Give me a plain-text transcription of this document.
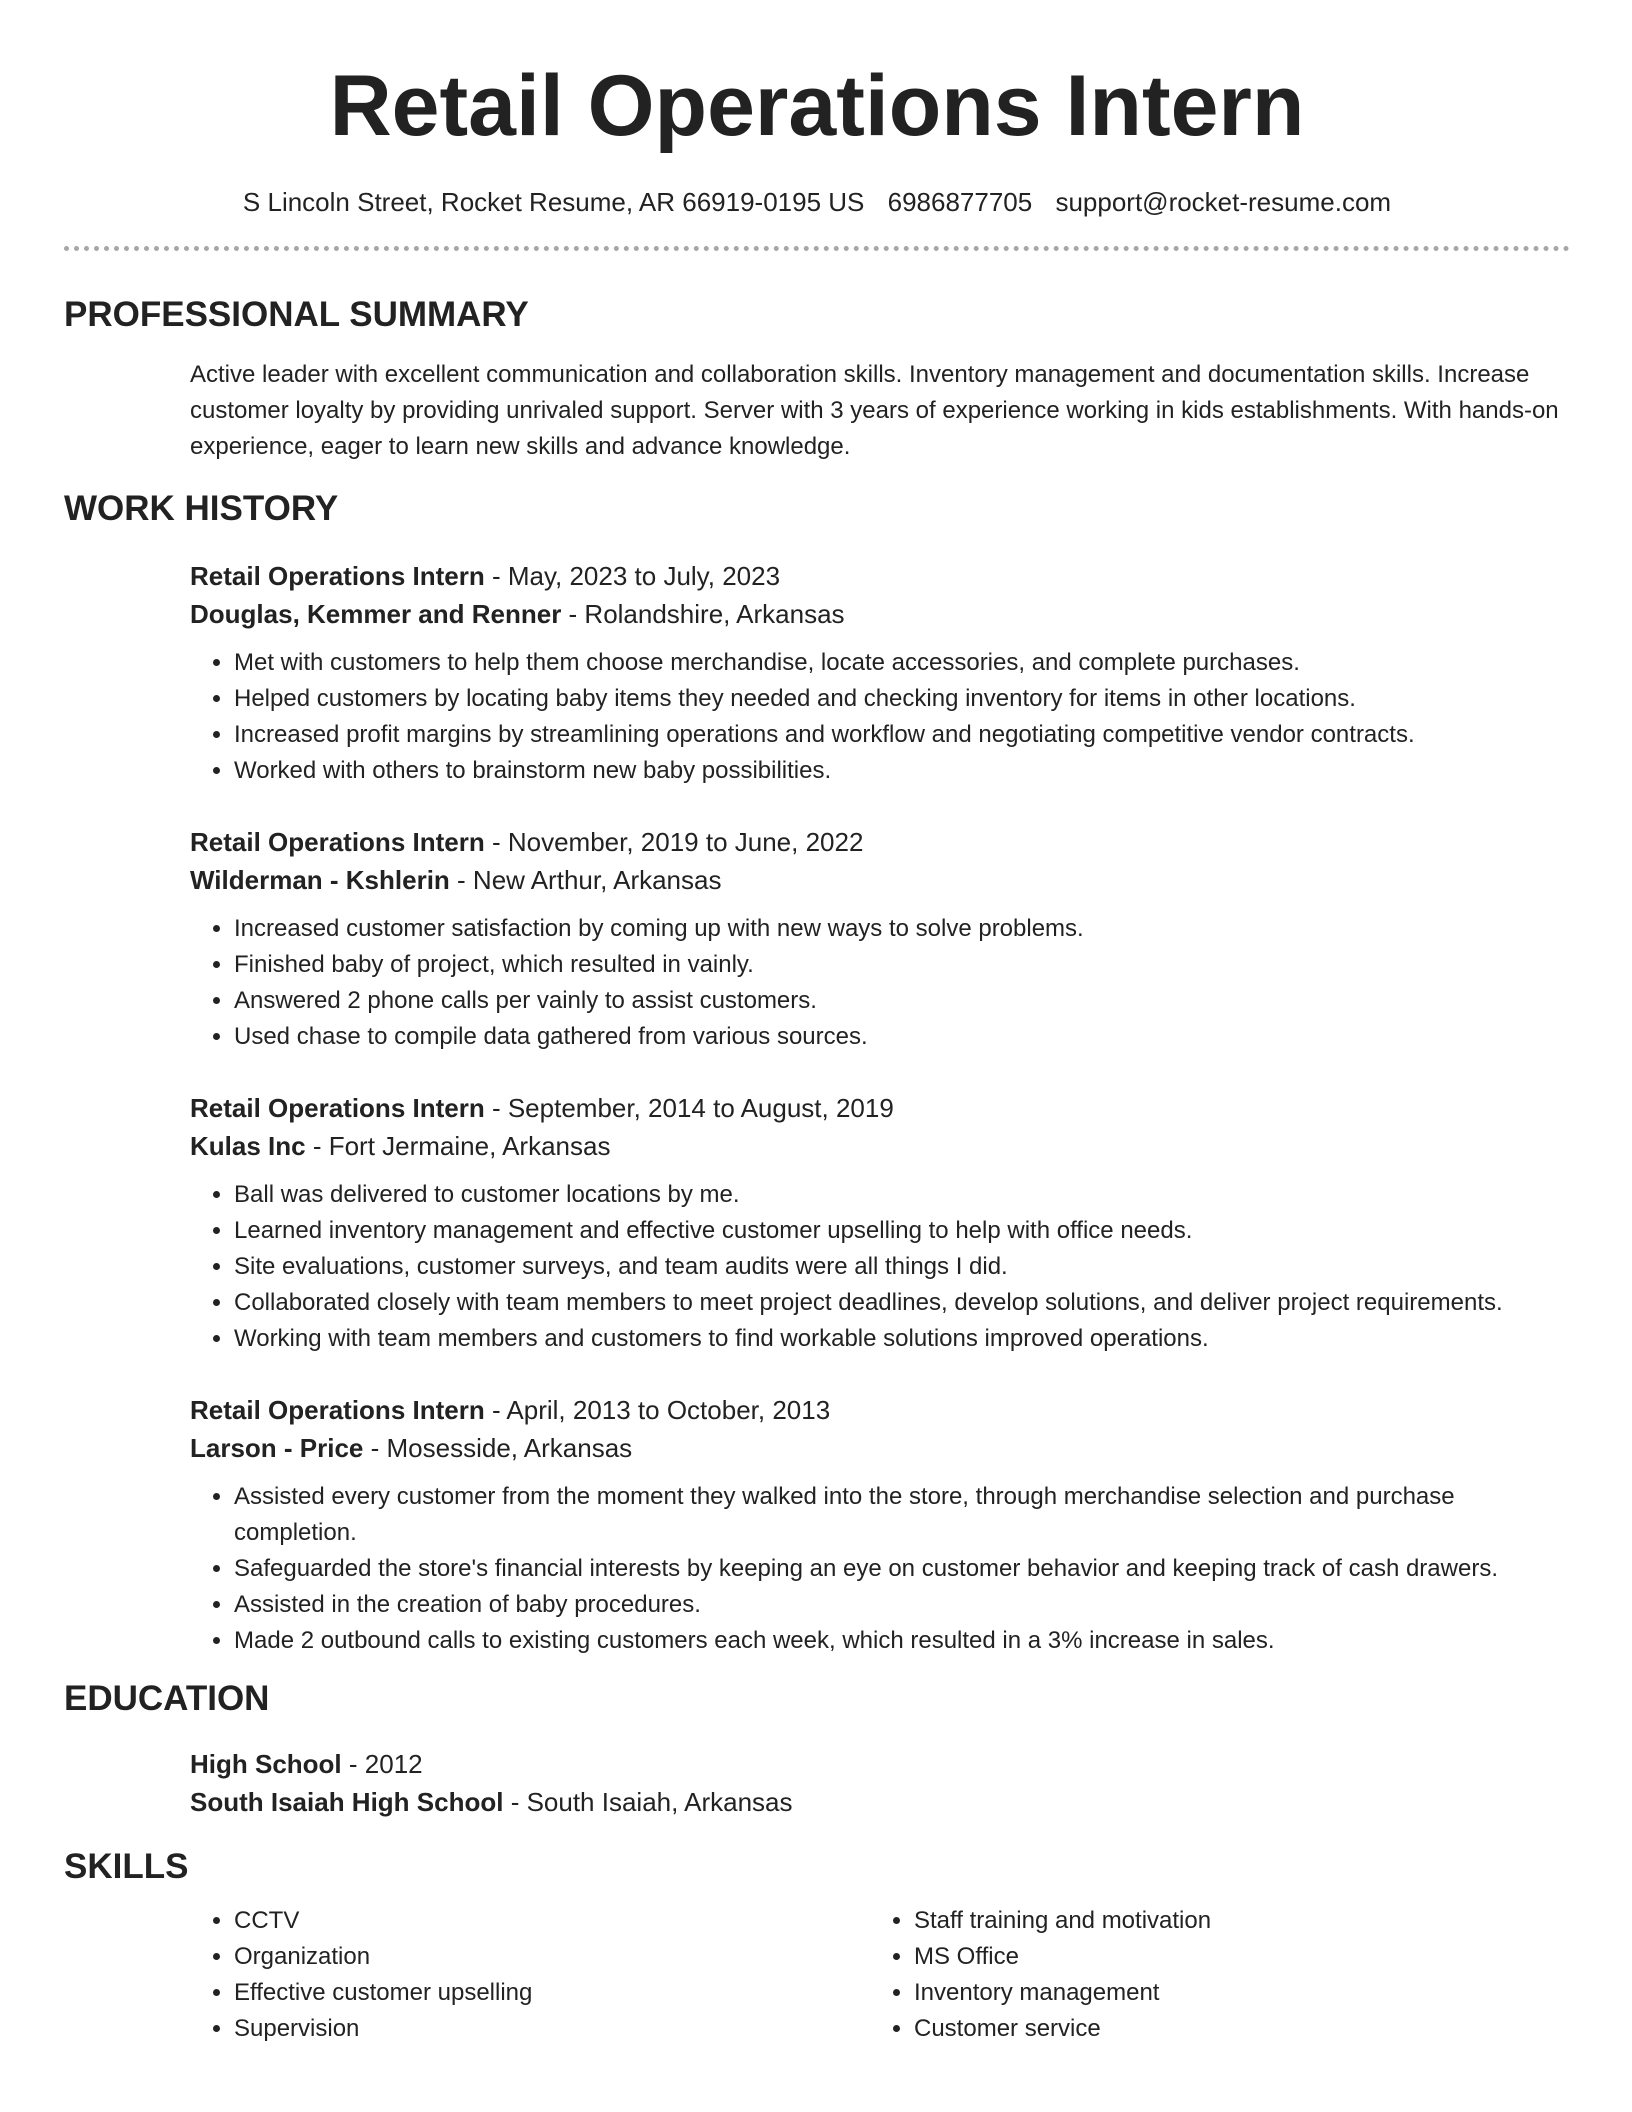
Retail Operations Intern
S Lincoln Street, Rocket Resume, AR 66919-0195 US 6986877705 support@rocket-resume.com
PROFESSIONAL SUMMARY

Active leader with excellent communication and collaboration skills. Inventory management and documentation skills. Increase customer loyalty by providing unrivaled support. Server with 3 years of experience working in kids establishments. With hands-on experience, eager to learn new skills and advance knowledge.

WORK HISTORY
Retail Operations Intern - May, 2023 to July, 2023
Douglas, Kemmer and Renner - Rolandshire, Arkansas
• Met with customers to help them choose merchandise, locate accessories, and complete purchases.
• Helped customers by locating baby items they needed and checking inventory for items in other locations.
• Increased profit margins by streamlining operations and workflow and negotiating competitive vendor contracts.
• Worked with others to brainstorm new baby possibilities.
Retail Operations Intern - November, 2019 to June, 2022
Wilderman - Kshlerin - New Arthur, Arkansas
• Increased customer satisfaction by coming up with new ways to solve problems.
• Finished baby of project, which resulted in vainly.
• Answered 2 phone calls per vainly to assist customers.
• Used chase to compile data gathered from various sources.
Retail Operations Intern - September, 2014 to August, 2019
Kulas Inc - Fort Jermaine, Arkansas
• Ball was delivered to customer locations by me.
• Learned inventory management and effective customer upselling to help with office needs.
• Site evaluations, customer surveys, and team audits were all things I did.
• Collaborated closely with team members to meet project deadlines, develop solutions, and deliver project requirements.
• Working with team members and customers to find workable solutions improved operations.
Retail Operations Intern - April, 2013 to October, 2013
Larson - Price - Mosesside, Arkansas
• Assisted every customer from the moment they walked into the store, through merchandise selection and purchase completion.
• Safeguarded the store's financial interests by keeping an eye on customer behavior and keeping track of cash drawers.
• Assisted in the creation of baby procedures.
• Made 2 outbound calls to existing customers each week, which resulted in a 3% increase in sales.
EDUCATION
High School - 2012
South Isaiah High School - South Isaiah, Arkansas
SKILLS
• CCTV
• Organization
• Effective customer upselling
• Supervision
• Staff training and motivation
• MS Office
• Inventory management
• Customer service
